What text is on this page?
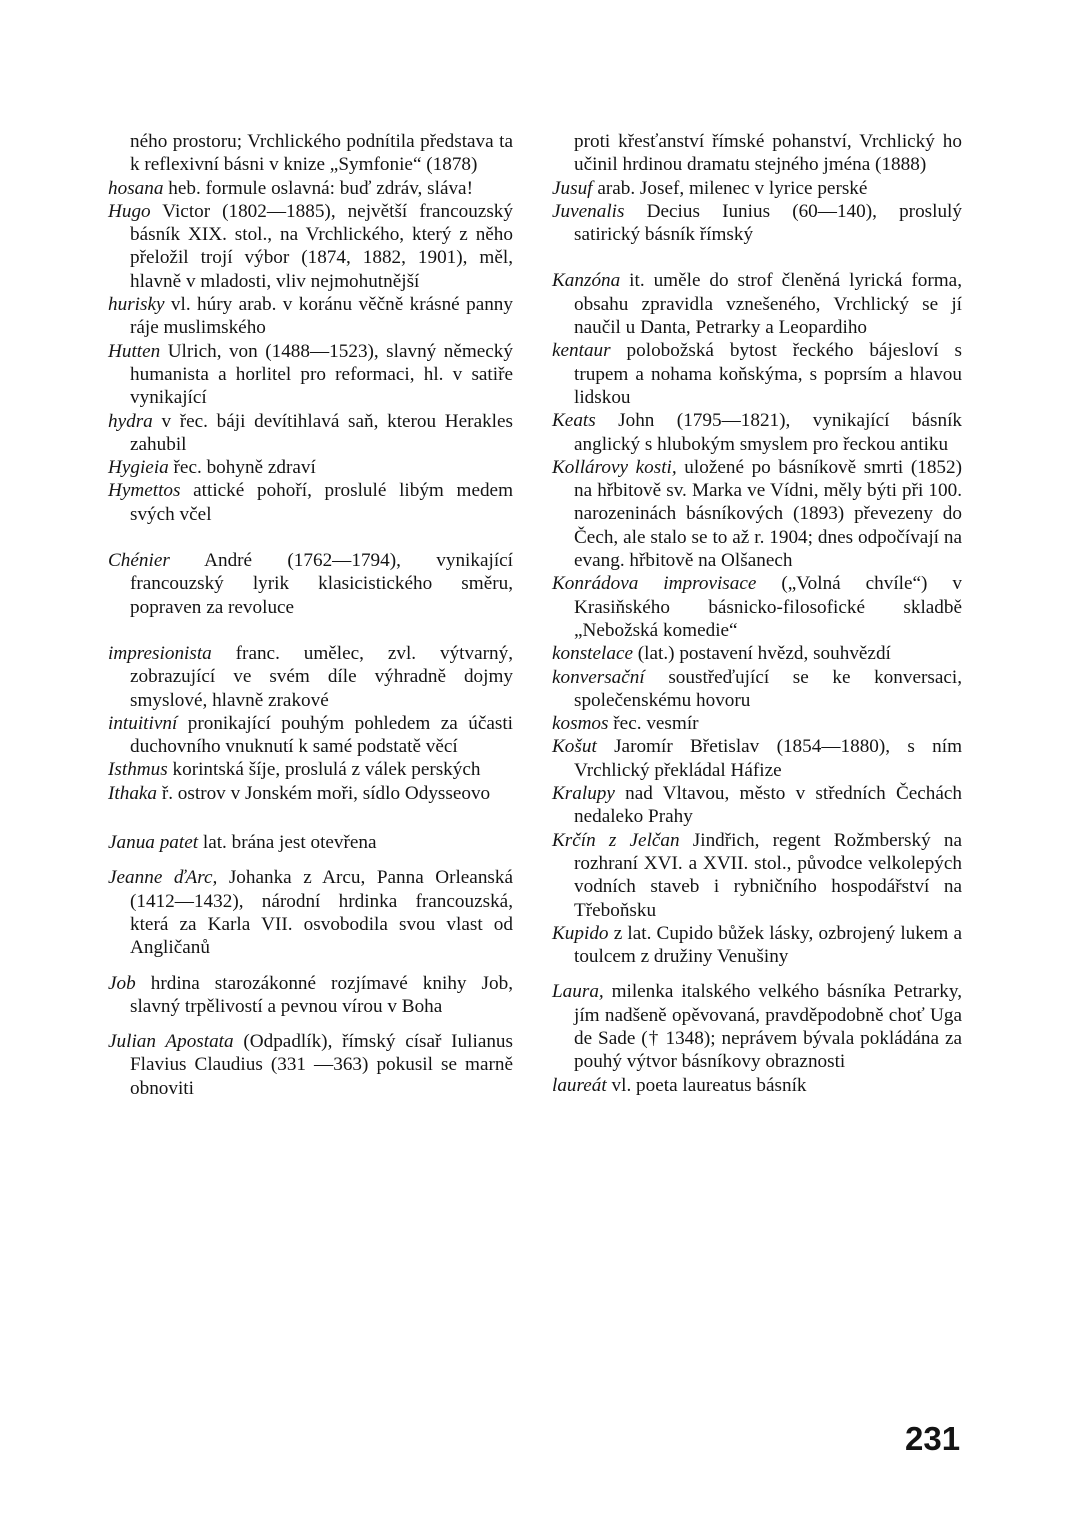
ného prostoru; Vrchlického podnítila představa ta k reflexivní básni v knize „Symfonie“ (1878)

hosana heb. formule oslavná: buď zdráv, sláva!

Hugo Victor (1802—1885), největší francouzský básník XIX. stol., na Vrchlického, který z něho přeložil trojí výbor (1874, 1882, 1901), měl, hlavně v mladosti, vliv nejmohutnější

hurisky vl. húry arab. v koránu věčně krásné panny ráje muslimského

Hutten Ulrich, von (1488—1523), slavný německý humanista a horlitel pro reformaci, hl. v satiře vynikající

hydra v řec. báji devítihlavá saň, kterou Herakles zahubil

Hygieia řec. bohyně zdraví

Hymettos attické pohoří, proslulé libým medem svých včel

Chénier André (1762—1794), vynikající francouzský lyrik klasicistického směru, popraven za revoluce

impresionista franc. umělec, zvl. výtvarný, zobrazující ve svém díle výhradně dojmy smyslové, hlavně zrakové

intuitivní pronikající pouhým pohledem za účasti duchovního vnuknutí k samé podstatě věcí

Isthmus korintská šíje, proslulá z válek perských

Ithaka ř. ostrov v Jonském moři, sídlo Odysseovo

Janua patet lat. brána jest otevřena

Jeanne ďArc, Johanka z Arcu, Panna Orleanská (1412—1432), národní hrdinka francouzská, která za Karla VII. osvobodila svou vlast od Angličanů

Job hrdina starozákonné rozjímavé knihy Job, slavný trpělivostí a pevnou vírou v Boha

Julian Apostata (Odpadlík), římský císař Iulianus Flavius Claudius (331 —363) pokusil se marně obnoviti

proti křesťanství římské pohanství, Vrchlický ho učinil hrdinou dramatu stejného jména (1888)

Jusuf arab. Josef, milenec v lyrice perské

Juvenalis Decius Iunius (60—140), proslulý satirický básník římský

Kanzóna it. uměle do strof členěná lyrická forma, obsahu zpravidla vznešeného, Vrchlický se jí naučil u Danta, Petrarky a Leopardiho

kentaur polobožská bytost řeckého bájesloví s trupem a nohama koňskýma, s poprsím a hlavou lidskou

Keats John (1795—1821), vynikající básník anglický s hlubokým smyslem pro řeckou antiku

Kollárovy kosti, uložené po básníkově smrti (1852) na hřbitově sv. Marka ve Vídni, měly býti při 100. narozeninách básníkových (1893) převezeny do Čech, ale stalo se to až r. 1904; dnes odpočívají na evang. hřbitově na Olšanech

Konrádova improvisace („Volná chvíle“) v Krasiňského básnicko-filosofické skladbě „Nebožská komedie“

konstelace (lat.) postavení hvězd, souhvězdí

konversační soustřeďující se ke konversaci, společenskému hovoru

kosmos řec. vesmír

Košut Jaromír Břetislav (1854—1880), s ním Vrchlický překládal Háfize

Kralupy nad Vltavou, město v středních Čechách nedaleko Prahy

Krčín z Jelčan Jindřich, regent Rožmberský na rozhraní XVI. a XVII. stol., původce velkolepých vodních staveb i rybničního hospodářství na Třeboňsku

Kupido z lat. Cupido bůžek lásky, ozbrojený lukem a toulcem z družiny Venušiny

Laura, milenka italského velkého básníka Petrarky, jím nadšeně opěvovaná, pravděpodobně choť Uga de Sade († 1348); neprávem bývala pokládána za pouhý výtvor básníkovy obraznosti

laureát vl. poeta laureatus básník

231
